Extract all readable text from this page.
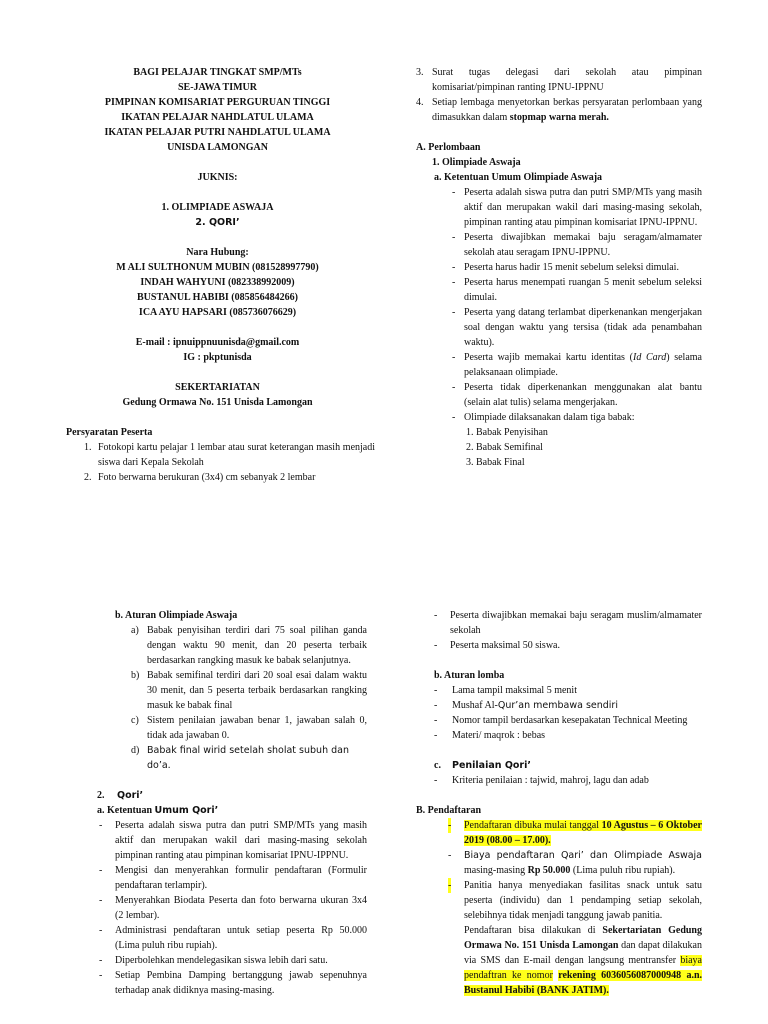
BAGI PELAJAR TINGKAT SMP/MTs

SE-JAWA TIMUR

PIMPINAN KOMISARIAT PERGURUAN TINGGI

IKATAN PELAJAR NAHDLATUL ULAMA

IKATAN PELAJAR PUTRI NAHDLATUL ULAMA

UNISDA LAMONGAN

JUKNIS:

1. OLIMPIADE ASWAJA

2. QORI’

Nara Hubung:

M ALI SULTHONUM MUBIN (081528997790)

INDAH WAHYUNI (082338992009)

BUSTANUL HABIBI (085856484266)

ICA AYU HAPSARI (085736076629)

E-mail : ipnuippnuunisda@gmail.com

IG : pkptunisda

SEKERTARIATAN

Gedung Ormawa No. 151 Unisda Lamongan

Persyaratan Peserta

1. Fotokopi kartu pelajar 1 lembar atau surat keterangan masih menjadi siswa dari Kepala Sekolah
2. Foto berwarna berukuran (3x4) cm sebanyak 2 lembar
3. Surat tugas delegasi dari sekolah atau pimpinan komisariat/pimpinan ranting IPNU-IPPNU
4. Setiap lembaga menyetorkan berkas persyaratan perlombaan yang dimasukkan dalam stopmap warna merah.

A. Perlombaan

1. Olimpiade Aswaja

a. Ketentuan Umum Olimpiade Aswaja

- Peserta adalah siswa putra dan putri SMP/MTs yang masih aktif dan merupakan wakil dari masing-masing sekolah, pimpinan ranting atau pimpinan komisariat IPNU-IPPNU.
- Peserta diwajibkan memakai baju seragam/almamater sekolah atau seragam IPNU-IPPNU.
- Peserta harus hadir 15 menit sebelum seleksi dimulai.
- Peserta harus menempati ruangan 5 menit sebelum seleksi dimulai.
- Peserta yang datang terlambat diperkenankan mengerjakan soal dengan waktu yang tersisa (tidak ada penambahan waktu).
- Peserta wajib memakai kartu identitas (Id Card) selama pelaksanaan olimpiade.
- Peserta tidak diperkenankan menggunakan alat bantu (selain alat tulis) selama mengerjakan.
- Olimpiade dilaksanakan dalam tiga babak:

1. Babak Penyisihan

2. Babak Semifinal

3. Babak Final

b. Aturan Olimpiade Aswaja

a) Babak penyisihan terdiri dari 75 soal pilihan ganda dengan waktu 90 menit, dan 20 peserta terbaik berdasarkan rangking masuk ke babak selanjutnya.
b) Babak semifinal terdiri dari 20 soal esai dalam waktu 30 menit, dan 5 peserta terbaik berdasarkan rangking masuk ke babak final
c) Sistem penilaian jawaban benar 1, jawaban salah 0, tidak ada jawaban 0.
d) Babak final wirid setelah sholat subuh dan do’a.
2. Qori’

a. Ketentuan Umum Qori’

- Peserta adalah siswa putra dan putri SMP/MTs yang masih aktif dan merupakan wakil dari masing-masing sekolah pimpinan ranting atau pimpinan komisariat IPNU-IPPNU.
- Mengisi dan menyerahkan formulir pendaftaran (Formulir pendaftaran terlampir).
- Menyerahkan Biodata Peserta dan foto berwarna ukuran 3x4 (2 lembar).
- Administrasi pendaftaran untuk setiap peserta Rp 50.000 (Lima puluh ribu rupiah).
- Diperbolehkan mendelegasikan siswa lebih dari satu.
- Setiap Pembina Damping bertanggung jawab sepenuhnya terhadap anak didiknya masing-masing.
- Peserta diwajibkan memakai baju seragam muslim/almamater sekolah
- Peserta maksimal 50 siswa.

b. Aturan lomba

- Lama tampil maksimal 5 menit
- Mushaf Al-Qur’an membawa sendiri
- Nomor tampil berdasarkan kesepakatan Technical Meeting
- Materi/ maqrok : bebas
c. Penilaian Qori’
- Kriteria penilaian : tajwid, mahroj, lagu dan adab

B. Pendaftaran

- Pendaftaran dibuka mulai tanggal 10 Agustus – 6 Oktober 2019 (08.00 – 17.00).
- Biaya pendaftaran Qari’ dan Olimpiade Aswaja masing-masing Rp 50.000 (Lima puluh ribu rupiah).
- Panitia hanya menyediakan fasilitas snack untuk satu peserta (individu) dan 1 pendamping setiap sekolah, selebihnya tidak menjadi tanggung jawab panitia.
Pendaftaran bisa dilakukan di Sekertariatan Gedung Ormawa No. 151 Unisda Lamongan dan dapat dilakukan via SMS dan E-mail dengan langsung mentransfer biaya pendaftran ke nomor rekening 6036056087000948 a.n. Bustanul Habibi (BANK JATIM).
